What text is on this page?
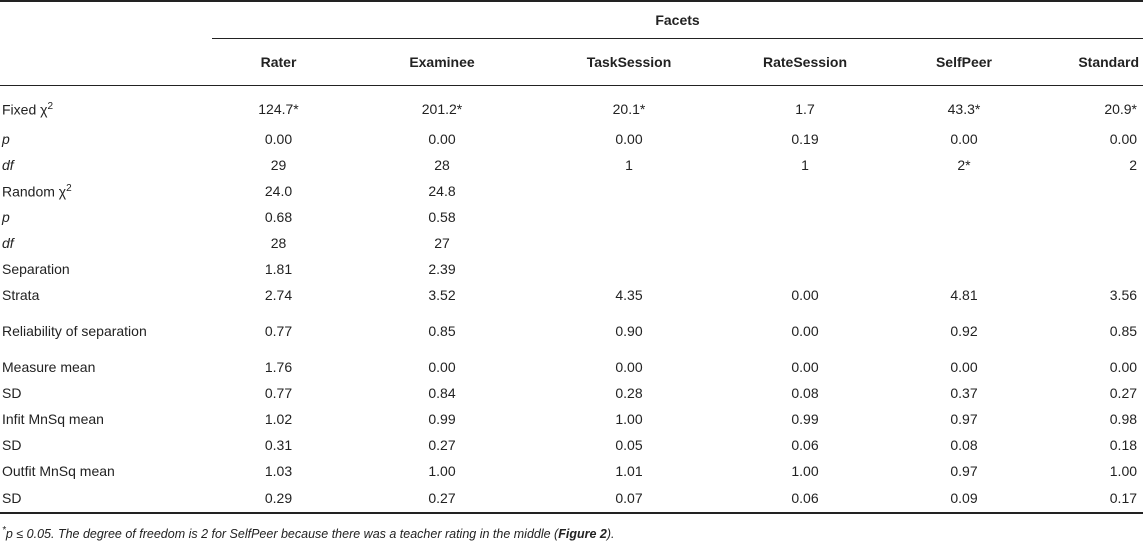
	Facets					
	Rater	Examinee	TaskSession	RateSession	SelfPeer	Standard
Fixed $\chi^2$	124.7*	201.2*	20.1*	1.7	43.3*	20.9*
p	0.00	0.00	0.00	0.19	0.00	0.00
df	29	28	1	1	2*	2
Random $\chi^2$	24.0	24.8				
p	0.68	0.58				
df	28	27				
Separation	1.81	2.39				
Strata	2.74	3.52	4.35	0.00	4.81	3.56
Reliability of separation	0.77	0.85	0.90	0.00	0.92	0.85
Measure mean	1.76	0.00	0.00	0.00	0.00	0.00
SD	0.77	0.84	0.28	0.08	0.37	0.27
Infit MnSq mean	1.02	0.99	1.00	0.99	0.97	0.98
SD	0.31	0.27	0.05	0.06	0.08	0.18
Outfit MnSq mean	1.03	1.00	1.01	1.00	0.97	1.00
SD	0.29	0.27	0.07	0.06	0.09	0.17
*p ≤ 0.05. The degree of freedom is 2 for SelfPeer because there was a teacher rating in the middle (Figure 2).
